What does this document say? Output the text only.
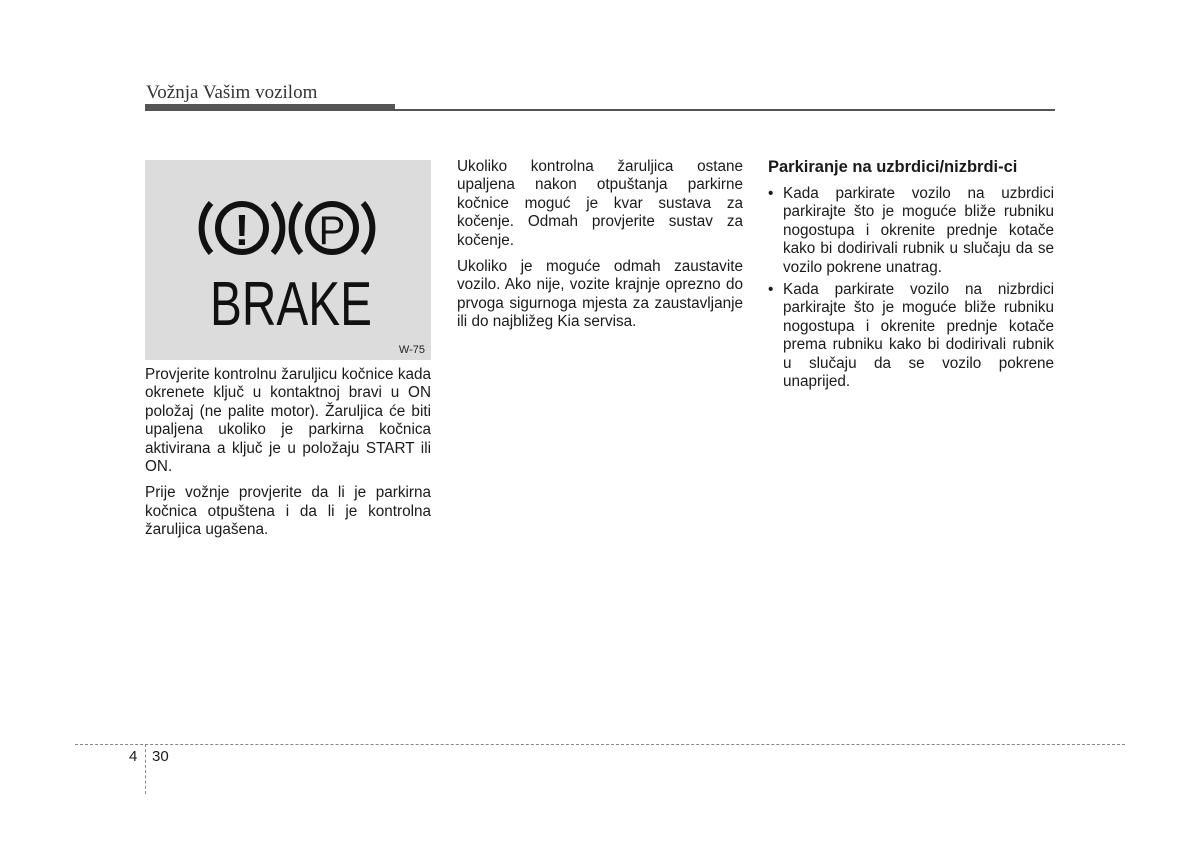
Vožnja Vašim vozilom
! P
BRAKE
W-75

Provjerite kontrolnu žaruljicu kočnice kada okrenete ključ u kontaktnoj bravi u ON položaj (ne palite motor). Žaruljica će biti upaljena ukoliko je parkirna kočnica aktivirana a ključ je u položaju START ili ON.

Prije vožnje provjerite da li je parkirna kočnica otpuštena i da li je kontrolna žaruljica ugašena.

Ukoliko kontrolna žaruljica ostane upaljena nakon otpuštanja parkirne kočnice moguć je kvar sustava za kočenje. Odmah provjerite sustav za kočenje.

Ukoliko je moguće odmah zaustavite vozilo. Ako nije, vozite krajnje oprezno do prvoga sigurnoga mjesta za zaustavljanje ili do najbližeg Kia servisa.

Parkiranje na uzbrdici/nizbrdi-ci
• Kada parkirate vozilo na uzbrdici parkirajte što je moguće bliže rubniku nogostupa i okrenite prednje kotače kako bi dodirivali rubnik u slučaju da se vozilo pokrene unatrag.
• Kada parkirate vozilo na nizbrdici parkirajte što je moguće bliže rubniku nogostupa i okrenite prednje kotače prema rubniku kako bi dodirivali rubnik u slučaju da se vozilo pokrene unaprijed.
4 30
